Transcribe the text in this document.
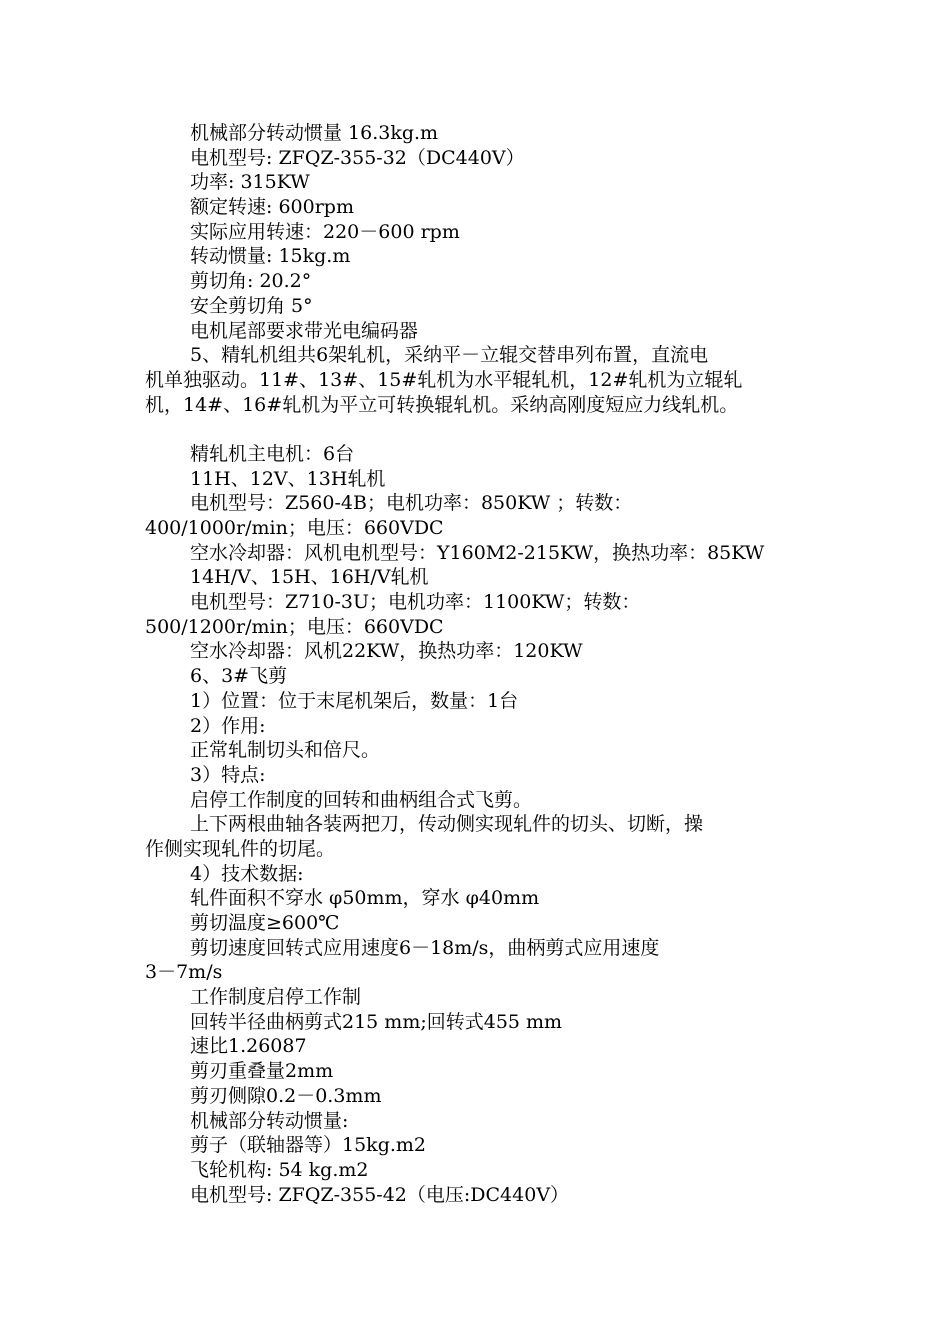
机械部分转动惯量 16.3kg.m
电机型号: ZFQZ-355-32（DC440V）
功率: 315KW
额定转速: 600rpm
实际应用转速：220－600 rpm
转动惯量: 15kg.m
剪切角: 20.2°
安全剪切角 5°
电机尾部要求带光电编码器
5、精轧机组共6架轧机，采纳平－立辊交替串列布置，直流电
机单独驱动。11#、13#、15#轧机为水平辊轧机，12#轧机为立辊轧
机，14#、16#轧机为平立可转换辊轧机。采纳高刚度短应力线轧机。
精轧机主电机：6台
11H、12V、13H轧机
电机型号：Z560-4B；电机功率：850KW ；转数：
400/1000r/min；电压：660VDC
空水冷却器：风机电机型号：Y160M2-215KW，换热功率：85KW
14H/V、15H、16H/V轧机
电机型号：Z710-3U；电机功率：1100KW；转数：
500/1200r/min；电压：660VDC
空水冷却器：风机22KW，换热功率：120KW
6、3#飞剪
1）位置：位于末尾机架后，数量：1台
2）作用:
正常轧制切头和倍尺。
3）特点:
启停工作制度的回转和曲柄组合式飞剪。
上下两根曲轴各装两把刀，传动侧实现轧件的切头、切断，操
作侧实现轧件的切尾。
4）技术数据:
轧件面积不穿水 φ50mm，穿水 φ40mm
剪切温度≥600℃
剪切速度回转式应用速度6－18m/s，曲柄剪式应用速度
3－7m/s
工作制度启停工作制
回转半径曲柄剪式215 mm;回转式455 mm
速比1.26087
剪刃重叠量2mm
剪刃侧隙0.2－0.3mm
机械部分转动惯量:
剪子（联轴器等）15kg.m2
飞轮机构: 54 kg.m2
电机型号: ZFQZ-355-42（电压:DC440V）
